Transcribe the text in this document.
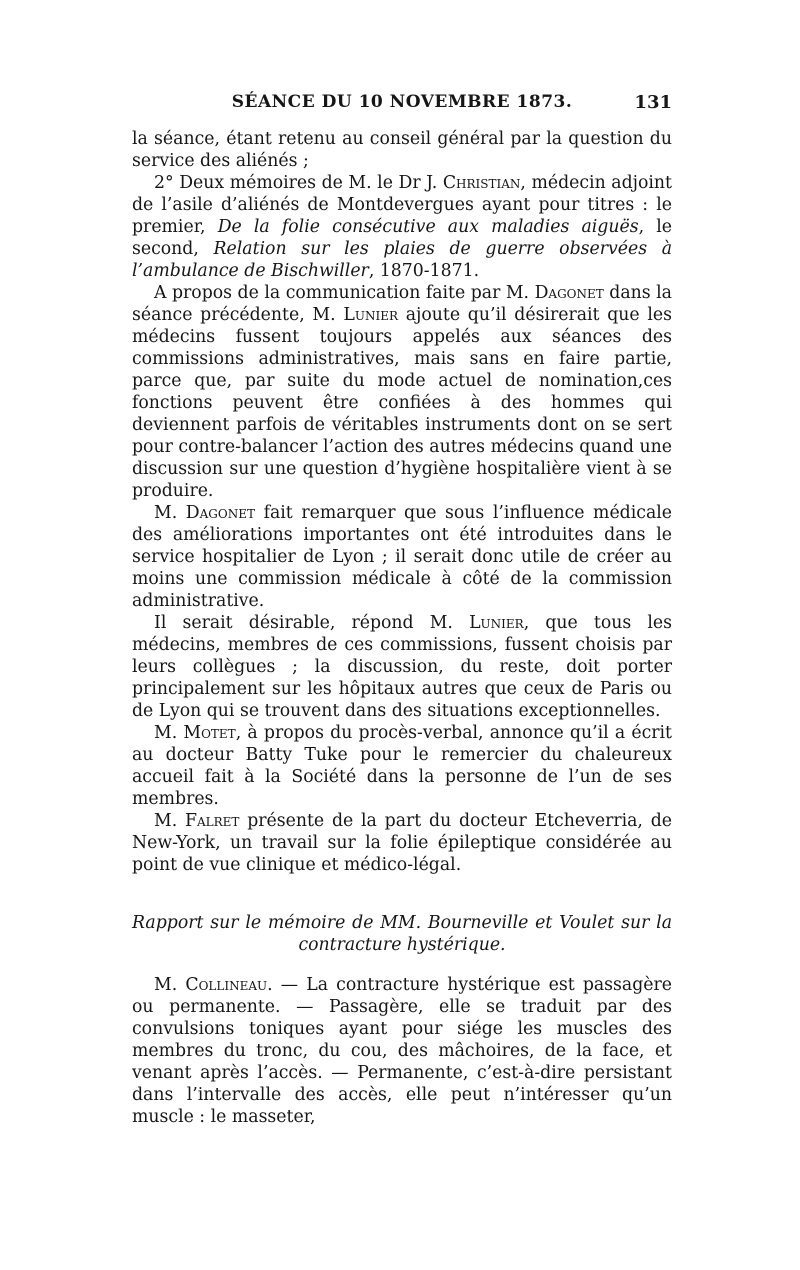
SÉANCE DU 10 NOVEMBRE 1873.	131

la séance, étant retenu au conseil général par la question du service des aliénés ;

2° Deux mémoires de M. le Dr J. Christian, médecin adjoint de l’asile d’aliénés de Montdevergues ayant pour titres : le premier, De la folie consécutive aux maladies aiguës, le second, Relation sur les plaies de guerre observées à l’ambulance de Bischwiller, 1870-1871.

A propos de la communication faite par M. Dagonet dans la séance précédente, M. Lunier ajoute qu’il désirerait que les médecins fussent toujours appelés aux séances des commissions administratives, mais sans en faire partie, parce que, par suite du mode actuel de nomination,ces fonctions peuvent être confiées à des hommes qui deviennent parfois de véritables instruments dont on se sert pour contre-balancer l’action des autres médecins quand une discussion sur une question d’hygiène hospitalière vient à se produire.

M. Dagonet fait remarquer que sous l’influence médicale des améliorations importantes ont été introduites dans le service hospitalier de Lyon ; il serait donc utile de créer au moins une commission médicale à côté de la commission administrative.

Il serait désirable, répond M. Lunier, que tous les médecins, membres de ces commissions, fussent choisis par leurs collègues ; la discussion, du reste, doit porter principalement sur les hôpitaux autres que ceux de Paris ou de Lyon qui se trouvent dans des situations exceptionnelles.

M. Motet, à propos du procès-verbal, annonce qu’il a écrit au docteur Batty Tuke pour le remercier du chaleureux accueil fait à la Société dans la personne de l’un de ses membres.

M. Falret présente de la part du docteur Etcheverria, de New-York, un travail sur la folie épileptique considérée au point de vue clinique et médico-légal.

Rapport sur le mémoire de MM. Bourneville et Voulet sur la
contracture hystérique.

M. Collineau. — La contracture hystérique est passagère ou permanente. — Passagère, elle se traduit par des convulsions toniques ayant pour siége les muscles des membres du tronc, du cou, des mâchoires, de la face, et venant après l’accès. — Permanente, c’est-à-dire persistant dans l’intervalle des accès, elle peut n’intéresser qu’un muscle : le masseter,
